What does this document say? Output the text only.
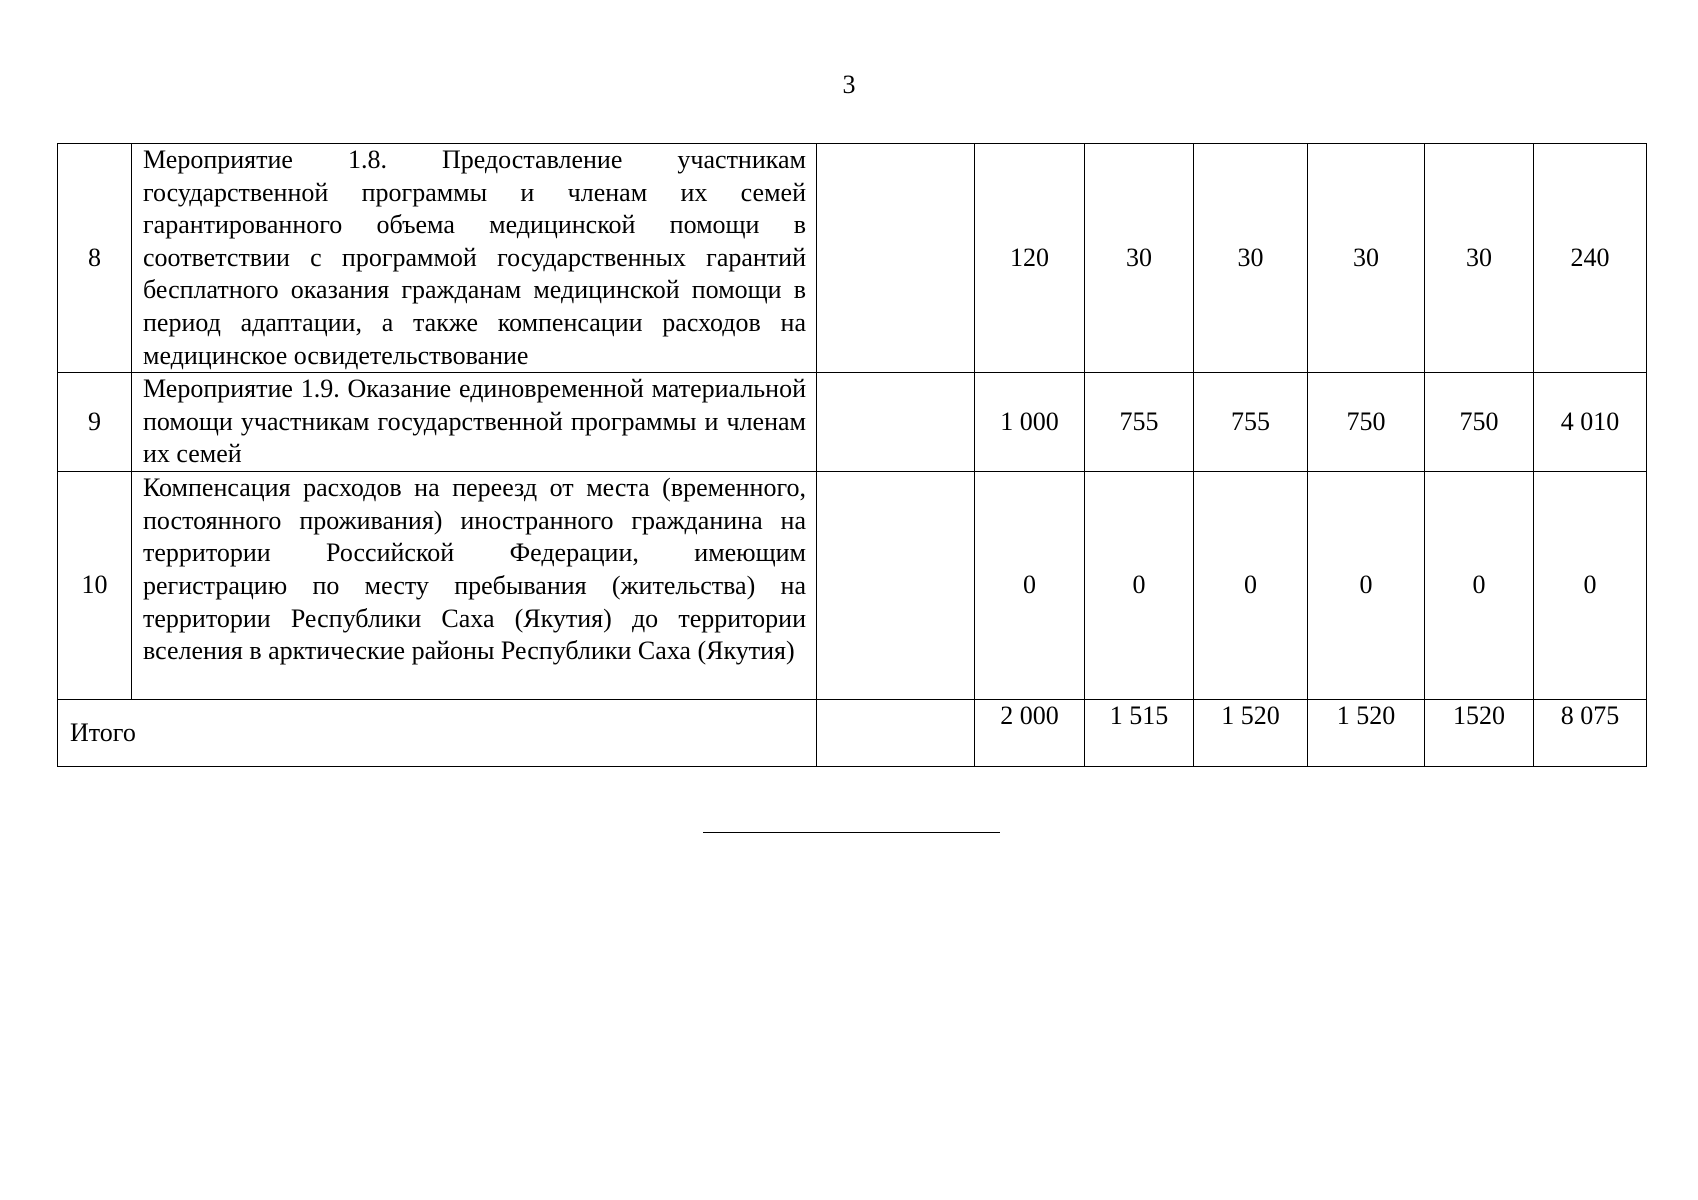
3
8	Мероприятие 1.8. Предоставление участникам государственной программы и членам их семей гарантированного объема медицинской помощи в соответствии с программой государственных гарантий бесплатного оказания гражданам медицинской помощи в период адаптации, а также компенсации расходов на медицинское освидетельствование		120	30	30	30	30	240
9	Мероприятие 1.9. Оказание единовременной материальной помощи участникам государственной программы и членам их семей		1 000	755	755	750	750	4 010
10	Компенсация расходов на переезд от места (временного, постоянного проживания) иностранного гражданина на территории Российской Федерации, имеющим регистрацию по месту пребывания (жительства) на территории Республики Саха (Якутия) до территории вселения в арктические районы Республики Саха (Якутия)		0	0	0	0	0	0
Итого			2 000	1 515	1 520	1 520	1520	8 075
